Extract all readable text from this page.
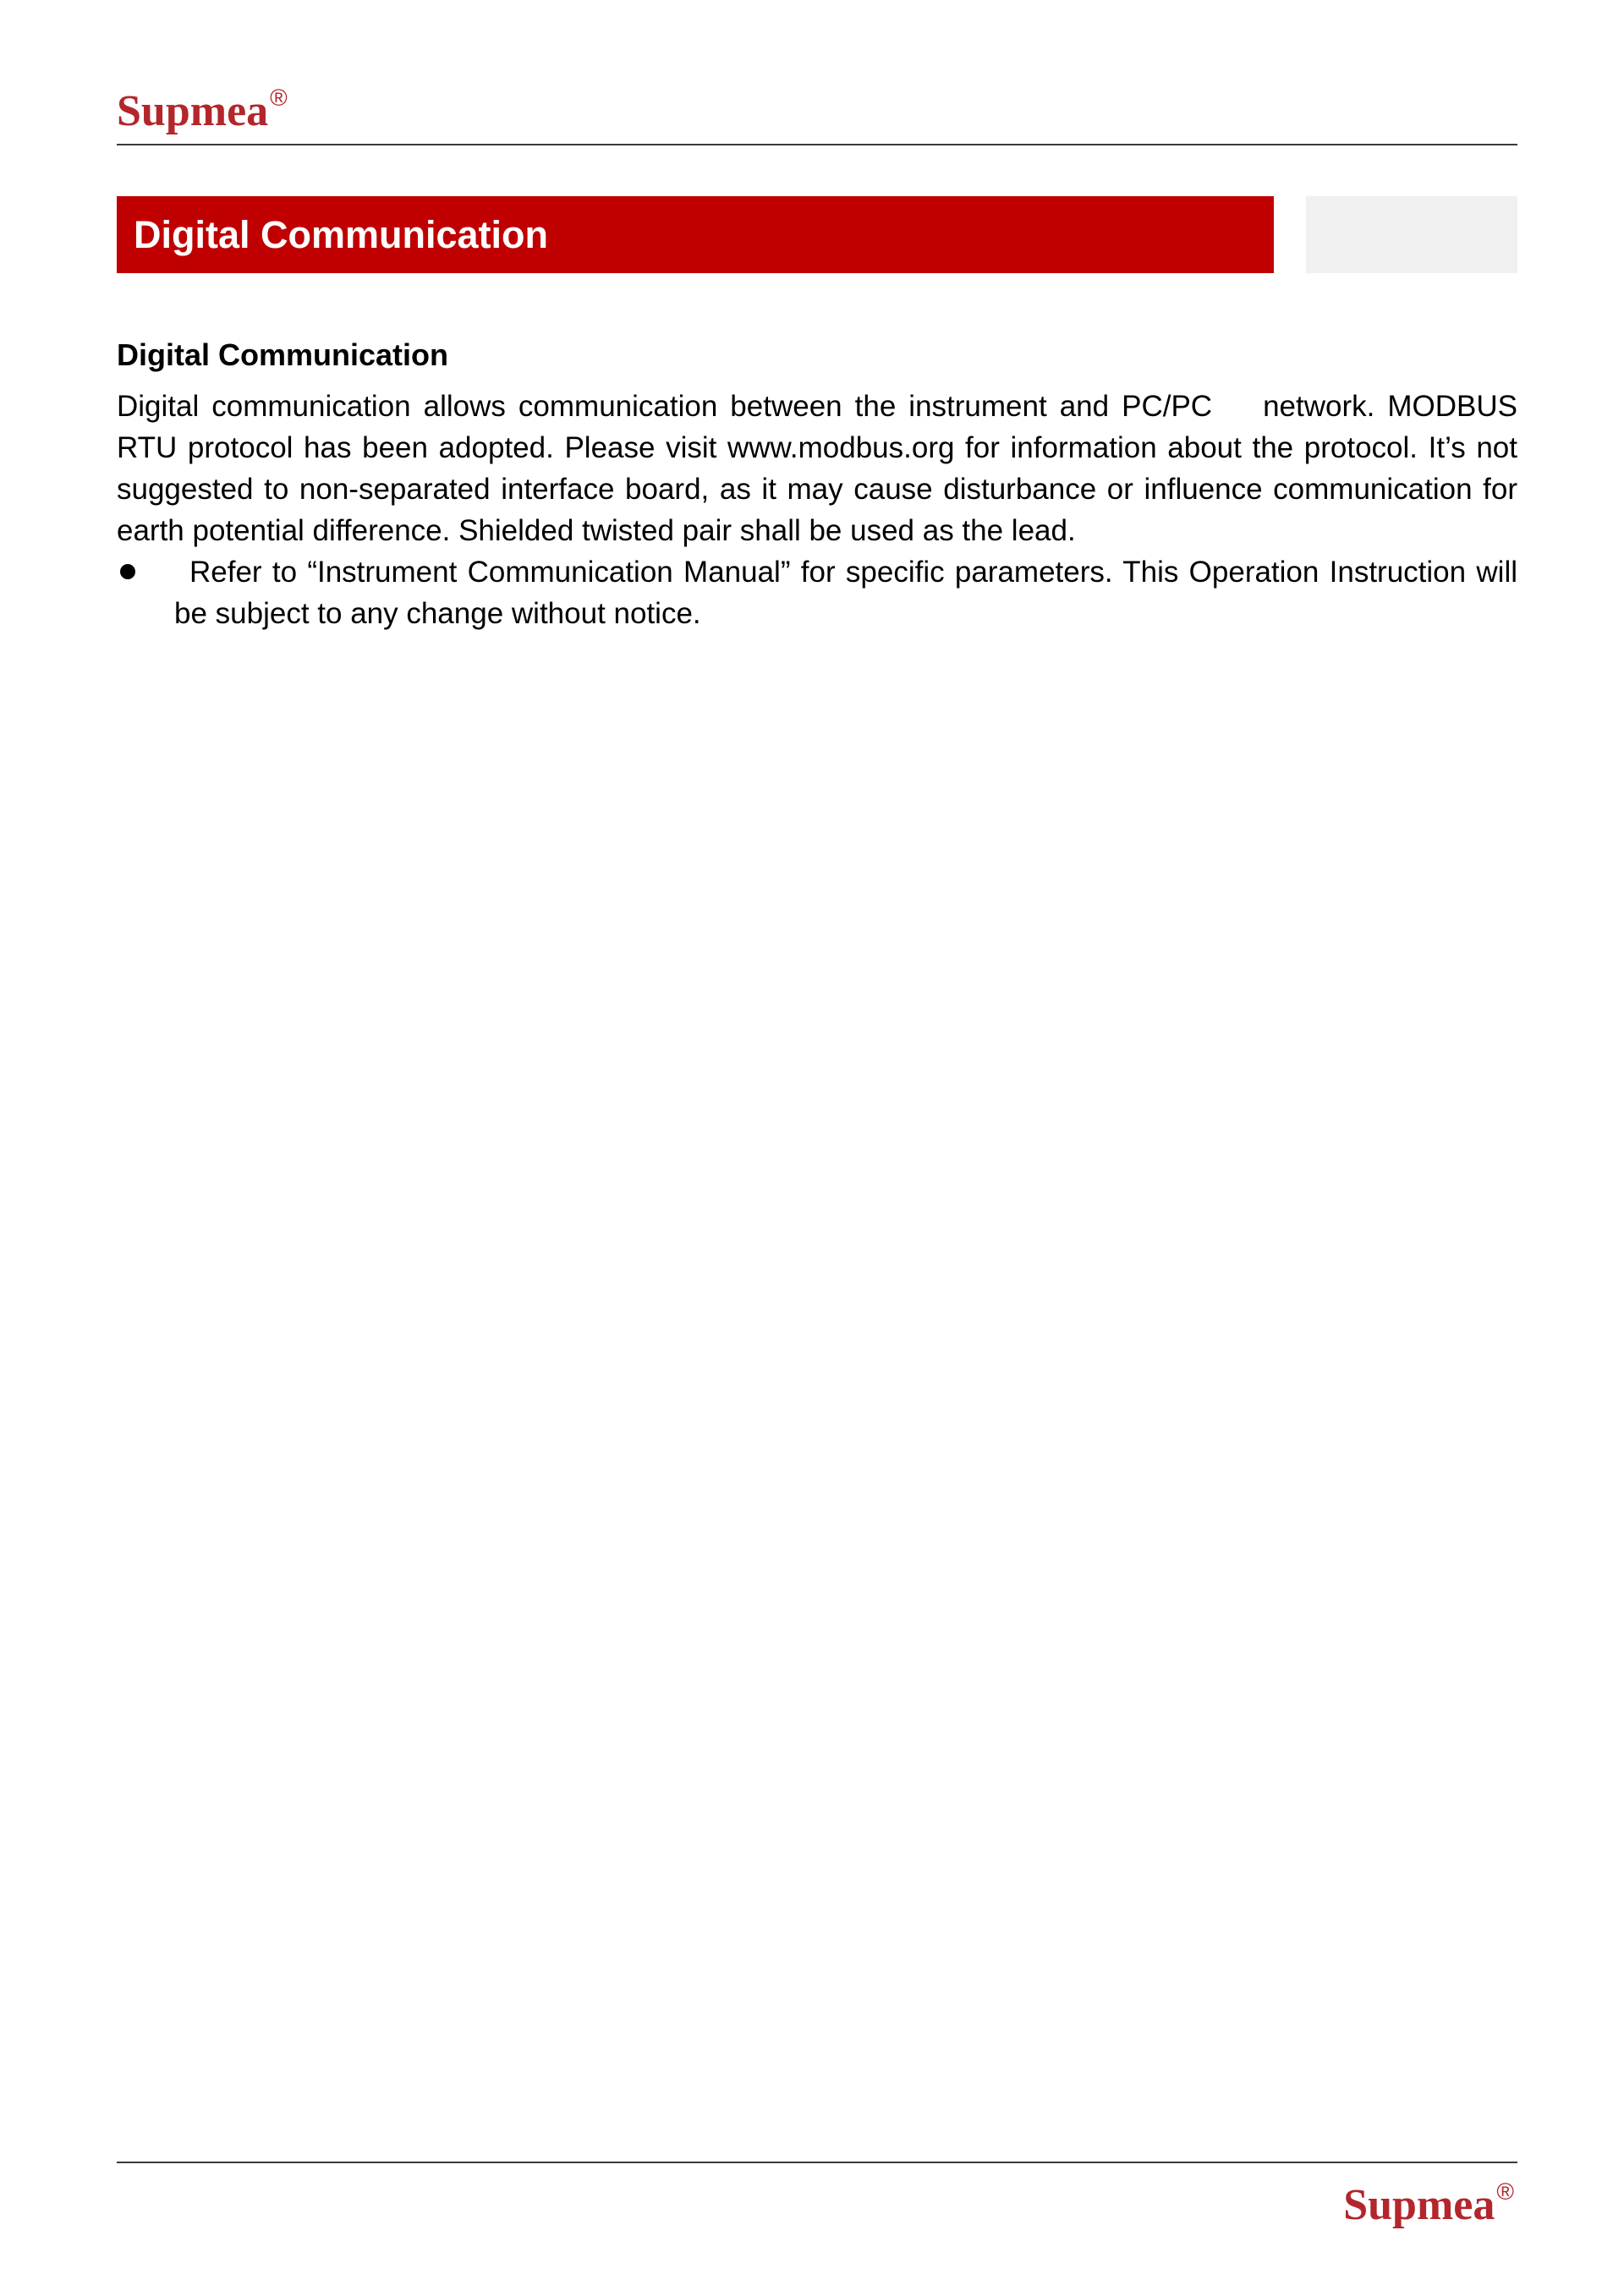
Supmea®
Digital Communication
Digital Communication

Digital communication allows communication between the instrument and PC/PC    network. MODBUS RTU protocol has been adopted. Please visit www.modbus.org for information about the protocol. It’s not suggested to non-separated interface board, as it may cause disturbance or influence communication for earth potential difference. Shielded twisted pair shall be used as the lead.

Refer to “Instrument Communication Manual” for specific parameters. This Operation Instruction will be subject to any change without notice.

Supmea®
